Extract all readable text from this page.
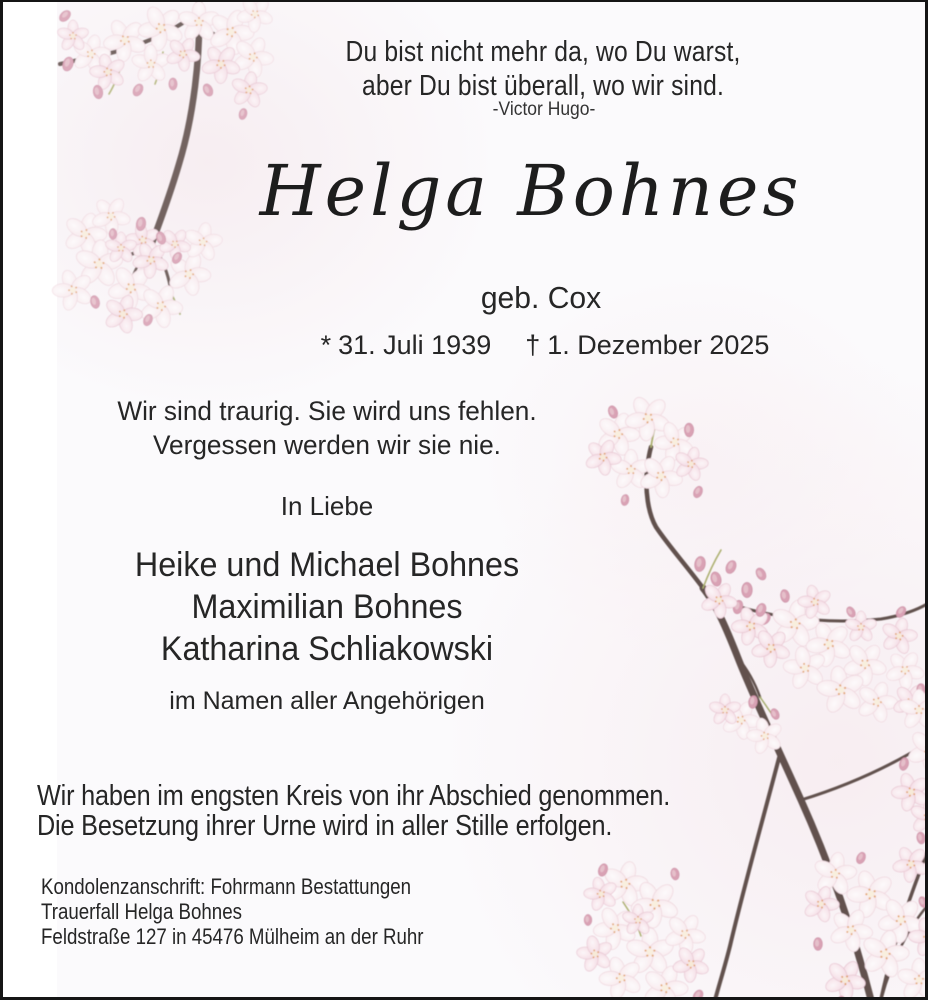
Du bist nicht mehr da, wo Du warst,
aber Du bist überall, wo wir sind.
-Victor Hugo-
Helga Bohnes
geb. Cox
* 31. Juli 1939 † 1. Dezember 2025
Wir sind traurig. Sie wird uns fehlen.
Vergessen werden wir sie nie.
In Liebe
Heike und Michael Bohnes
Maximilian Bohnes
Katharina Schliakowski
im Namen aller Angehörigen
Wir haben im engsten Kreis von ihr Abschied genommen.
Die Besetzung ihrer Urne wird in aller Stille erfolgen.
Kondolenzanschrift: Fohrmann Bestattungen
Trauerfall Helga Bohnes
Feldstraße 127 in 45476 Mülheim an der Ruhr
